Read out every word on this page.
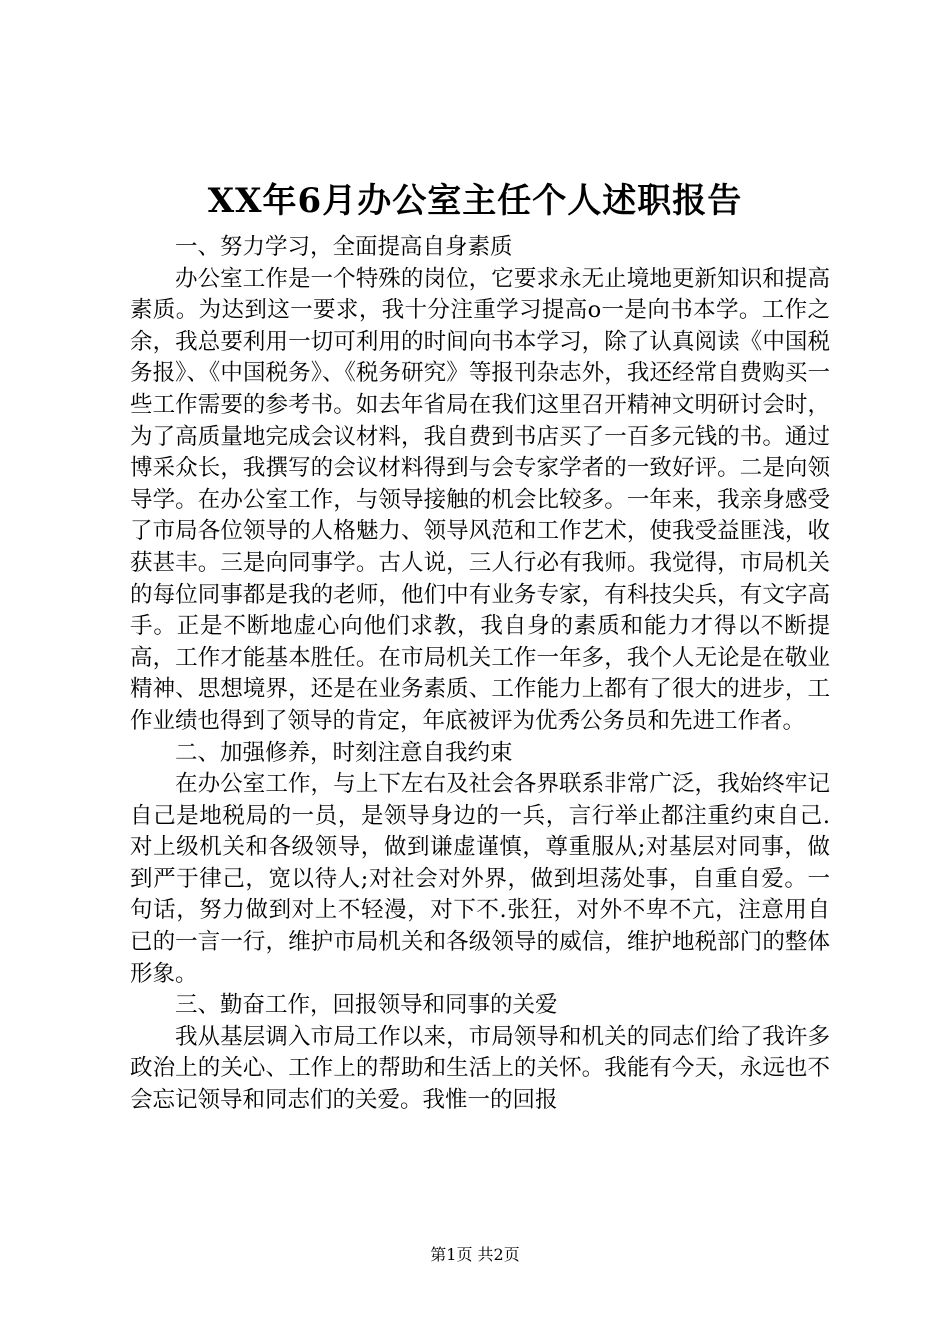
XX年6月办公室主任个人述职报告

一、努力学习，全面提高自身素质

办公室工作是一个特殊的岗位，它要求永无止境地更新知识和提高素质。为达到这一要求，我十分注重学习提高o一是向书本学。工作之余，我总要利用一切可利用的时间向书本学习，除了认真阅读《中国税务报》、《中国税务》、《税务研究》等报刊杂志外，我还经常自费购买一些工作需要的参考书。如去年省局在我们这里召开精神文明研讨会时，为了高质量地完成会议材料，我自费到书店买了一百多元钱的书。通过博采众长，我撰写的会议材料得到与会专家学者的一致好评。二是向领导学。在办公室工作，与领导接触的机会比较多。一年来，我亲身感受了市局各位领导的人格魅力、领导风范和工作艺术，使我受益匪浅，收获甚丰。三是向同事学。古人说，三人行必有我师。我觉得，市局机关的每位同事都是我的老师，他们中有业务专家，有科技尖兵，有文字高手。正是不断地虚心向他们求教，我自身的素质和能力才得以不断提高，工作才能基本胜任。在市局机关工作一年多，我个人无论是在敬业精神、思想境界，还是在业务素质、工作能力上都有了很大的进步，工作业绩也得到了领导的肯定，年底被评为优秀公务员和先进工作者。

二、加强修养，时刻注意自我约束

在办公室工作，与上下左右及社会各界联系非常广泛，我始终牢记自己是地税局的一员，是领导身边的一兵，言行举止都注重约束自己.对上级机关和各级领导，做到谦虚谨慎，尊重服从;对基层对同事，做到严于律己，宽以待人;对社会对外界，做到坦荡处事，自重自爱。一句话，努力做到对上不轻漫，对下不.张狂，对外不卑不亢，注意用自已的一言一行，维护市局机关和各级领导的威信，维护地税部门的整体形象。

三、勤奋工作，回报领导和同事的关爱

我从基层调入市局工作以来，市局领导和机关的同志们给了我许多政治上的关心、工作上的帮助和生活上的关怀。我能有今天，永远也不会忘记领导和同志们的关爱。我惟一的回报

第1页 共2页
